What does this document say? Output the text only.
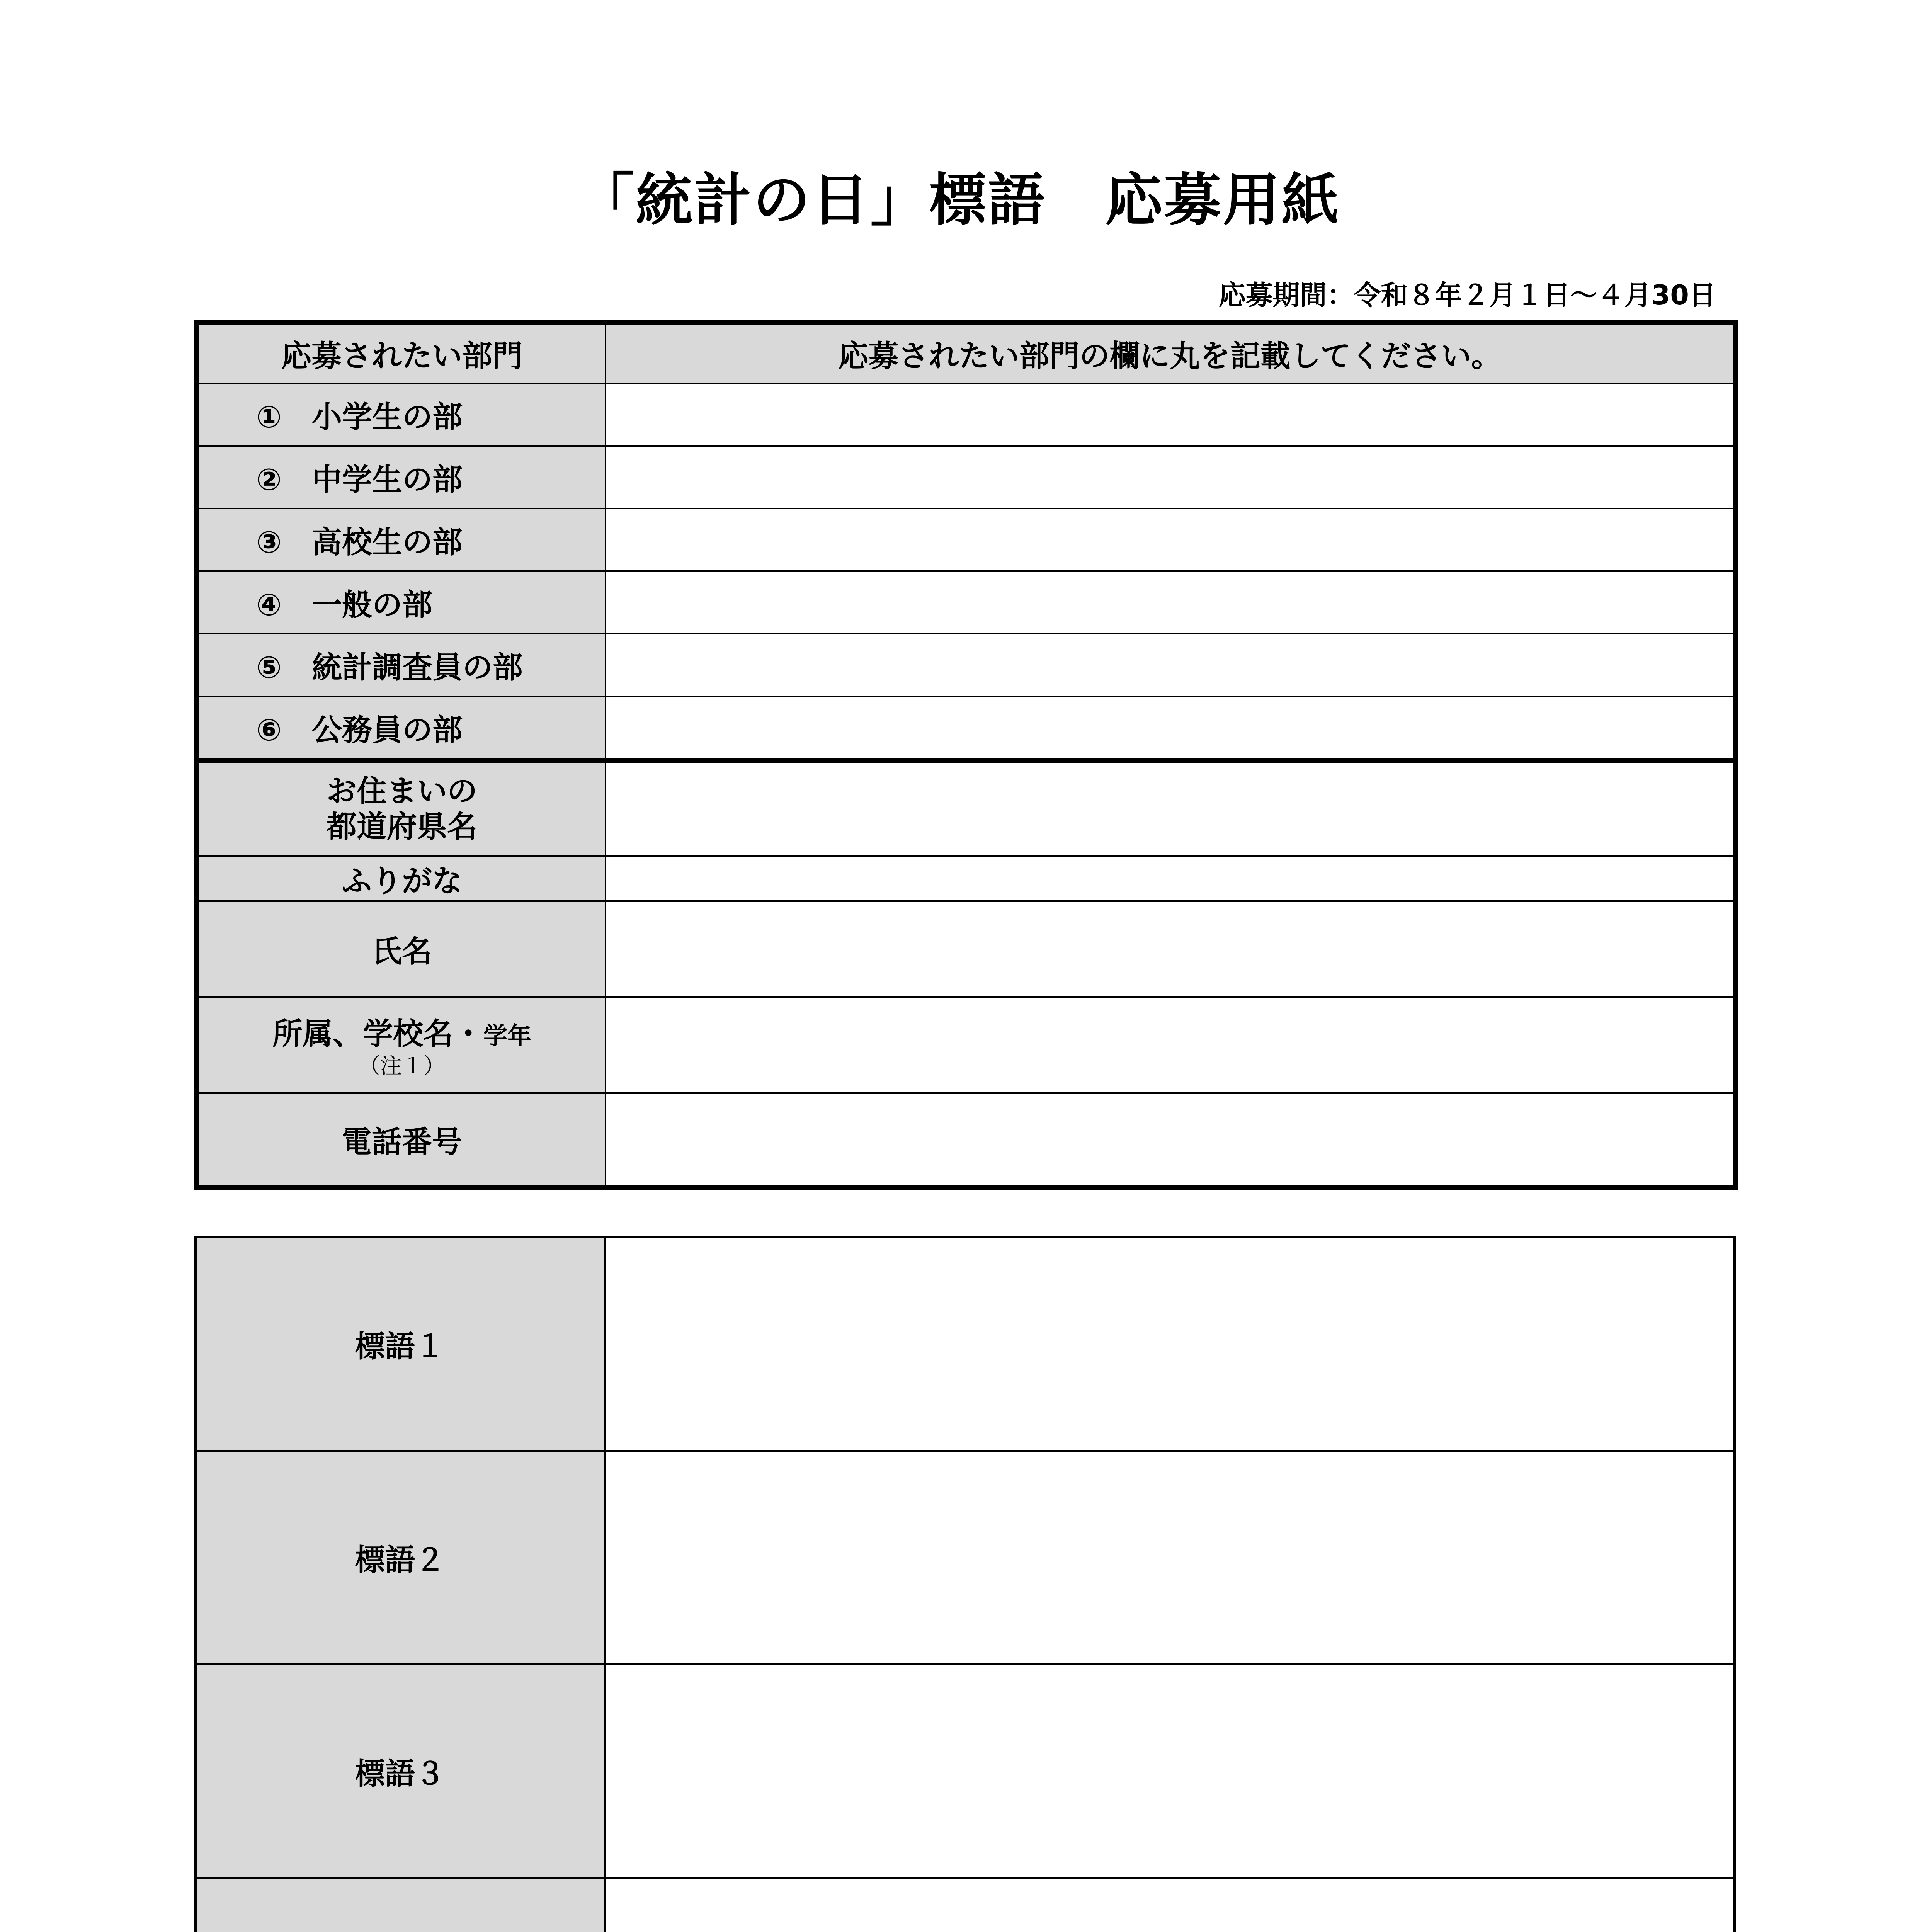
「統計の日」標語　応募用紙
応募期間：令和８年２月１日～４月30日
応募されたい部門	応募されたい部門の欄に丸を記載してください。
①　小学生の部	
②　中学生の部	
③　高校生の部	
④　一般の部	
⑤　統計調査員の部	
⑥　公務員の部	

お住まいの
都道府県名	

ふりがな	
氏名	
所属、学校名・学年
（注１）	

電話番号	
標語１	
標語２	
標語３	
